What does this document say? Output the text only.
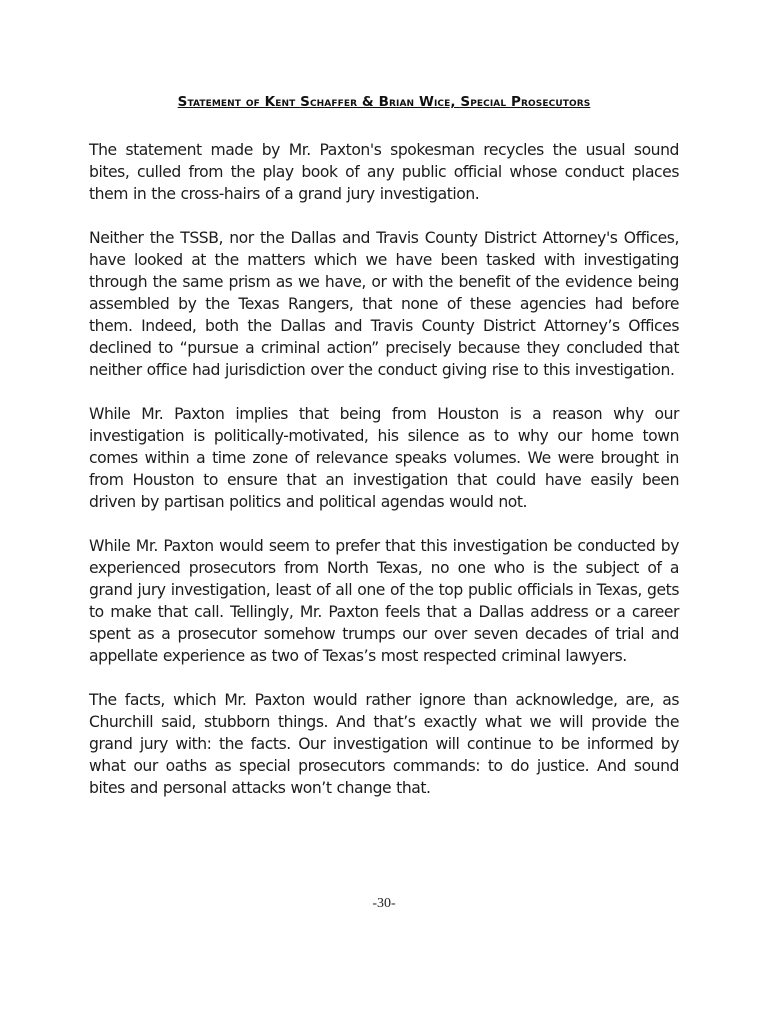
Statement of Kent Schaffer & Brian Wice, Special Prosecutors

The statement made by Mr. Paxton's spokesman recycles the usual sound bites, culled from the play book of any public official whose conduct places them in the cross-hairs of a grand jury investigation.

Neither the TSSB, nor the Dallas and Travis County District Attorney's Offices, have looked at the matters which we have been tasked with investigating through the same prism as we have, or with the benefit of the evidence being assembled by the Texas Rangers, that none of these agencies had before them. Indeed, both the Dallas and Travis County District Attorney’s Offices declined to “pursue a criminal action” precisely because they concluded that neither office had jurisdiction over the conduct giving rise to this investigation.

While Mr. Paxton implies that being from Houston is a reason why our investigation is politically-motivated, his silence as to why our home town comes within a time zone of relevance speaks volumes. We were brought in from Houston to ensure that an investigation that could have easily been driven by partisan politics and political agendas would not.

While Mr. Paxton would seem to prefer that this investigation be conducted by experienced prosecutors from North Texas, no one who is the subject of a grand jury investigation, least of all one of the top public officials in Texas, gets to make that call. Tellingly, Mr. Paxton feels that a Dallas address or a career spent as a prosecutor somehow trumps our over seven decades of trial and appellate experience as two of Texas’s most respected criminal lawyers.

The facts, which Mr. Paxton would rather ignore than acknowledge, are, as Churchill said, stubborn things. And that’s exactly what we will provide the grand jury with: the facts. Our investigation will continue to be informed by what our oaths as special prosecutors commands: to do justice. And sound bites and personal attacks won’t change that.

-30-
